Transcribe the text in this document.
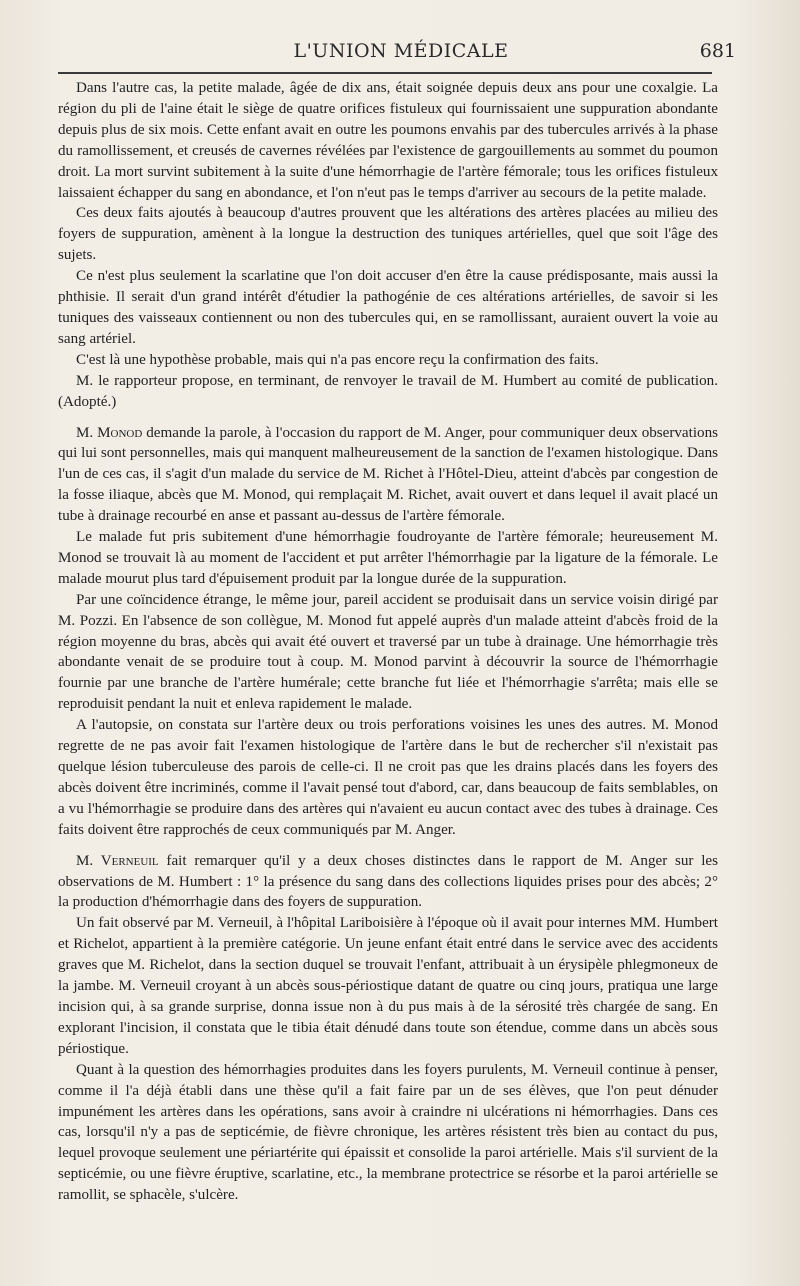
L'UNION MÉDICALE	681

Dans l'autre cas, la petite malade, âgée de dix ans, était soignée depuis deux ans pour une coxalgie. La région du pli de l'aine était le siège de quatre orifices fistuleux qui fournissaient une suppuration abondante depuis plus de six mois. Cette enfant avait en outre les poumons envahis par des tubercules arrivés à la phase du ramollissement, et creusés de cavernes révélées par l'existence de gargouillements au sommet du poumon droit. La mort survint subitement à la suite d'une hémorrhagie de l'artère fémorale; tous les orifices fistuleux laissaient échapper du sang en abondance, et l'on n'eut pas le temps d'arriver au secours de la petite malade.

Ces deux faits ajoutés à beaucoup d'autres prouvent que les altérations des artères placées au milieu des foyers de suppuration, amènent à la longue la destruction des tuniques artérielles, quel que soit l'âge des sujets.

Ce n'est plus seulement la scarlatine que l'on doit accuser d'en être la cause prédisposante, mais aussi la phthisie. Il serait d'un grand intérêt d'étudier la pathogénie de ces altérations artérielles, de savoir si les tuniques des vaisseaux contiennent ou non des tubercules qui, en se ramollissant, auraient ouvert la voie au sang artériel.

C'est là une hypothèse probable, mais qui n'a pas encore reçu la confirmation des faits.

M. le rapporteur propose, en terminant, de renvoyer le travail de M. Humbert au comité de publication. (Adopté.)

M. Monod demande la parole, à l'occasion du rapport de M. Anger, pour communiquer deux observations qui lui sont personnelles, mais qui manquent malheureusement de la sanction de l'examen histologique. Dans l'un de ces cas, il s'agit d'un malade du service de M. Richet à l'Hôtel-Dieu, atteint d'abcès par congestion de la fosse iliaque, abcès que M. Monod, qui remplaçait M. Richet, avait ouvert et dans lequel il avait placé un tube à drainage recourbé en anse et passant au-dessus de l'artère fémorale.

Le malade fut pris subitement d'une hémorrhagie foudroyante de l'artère fémorale; heureusement M. Monod se trouvait là au moment de l'accident et put arrêter l'hémorrhagie par la ligature de la fémorale. Le malade mourut plus tard d'épuisement produit par la longue durée de la suppuration.

Par une coïncidence étrange, le même jour, pareil accident se produisait dans un service voisin dirigé par M. Pozzi. En l'absence de son collègue, M. Monod fut appelé auprès d'un malade atteint d'abcès froid de la région moyenne du bras, abcès qui avait été ouvert et traversé par un tube à drainage. Une hémorrhagie très abondante venait de se produire tout à coup. M. Monod parvint à découvrir la source de l'hémorrhagie fournie par une branche de l'artère humérale; cette branche fut liée et l'hémorrhagie s'arrêta; mais elle se reproduisit pendant la nuit et enleva rapidement le malade.

A l'autopsie, on constata sur l'artère deux ou trois perforations voisines les unes des autres. M. Monod regrette de ne pas avoir fait l'examen histologique de l'artère dans le but de rechercher s'il n'existait pas quelque lésion tuberculeuse des parois de celle-ci. Il ne croit pas que les drains placés dans les foyers des abcès doivent être incriminés, comme il l'avait pensé tout d'abord, car, dans beaucoup de faits semblables, on a vu l'hémorrhagie se produire dans des artères qui n'avaient eu aucun contact avec des tubes à drainage. Ces faits doivent être rapprochés de ceux communiqués par M. Anger.

M. Verneuil fait remarquer qu'il y a deux choses distinctes dans le rapport de M. Anger sur les observations de M. Humbert : 1° la présence du sang dans des collections liquides prises pour des abcès; 2° la production d'hémorrhagie dans des foyers de suppuration.

Un fait observé par M. Verneuil, à l'hôpital Lariboisière à l'époque où il avait pour internes MM. Humbert et Richelot, appartient à la première catégorie. Un jeune enfant était entré dans le service avec des accidents graves que M. Richelot, dans la section duquel se trouvait l'enfant, attribuait à un érysipèle phlegmoneux de la jambe. M. Verneuil croyant à un abcès sous-périostique datant de quatre ou cinq jours, pratiqua une large incision qui, à sa grande surprise, donna issue non à du pus mais à de la sérosité très chargée de sang. En explorant l'incision, il constata que le tibia était dénudé dans toute son étendue, comme dans un abcès sous périostique.

Quant à la question des hémorrhagies produites dans les foyers purulents, M. Verneuil continue à penser, comme il l'a déjà établi dans une thèse qu'il a fait faire par un de ses élèves, que l'on peut dénuder impunément les artères dans les opérations, sans avoir à craindre ni ulcérations ni hémorrhagies. Dans ces cas, lorsqu'il n'y a pas de septicémie, de fièvre chronique, les artères résistent très bien au contact du pus, lequel provoque seulement une périartérite qui épaissit et consolide la paroi artérielle. Mais s'il survient de la septicémie, ou une fièvre éruptive, scarlatine, etc., la membrane protectrice se résorbe et la paroi artérielle se ramollit, se sphacèle, s'ulcère.
